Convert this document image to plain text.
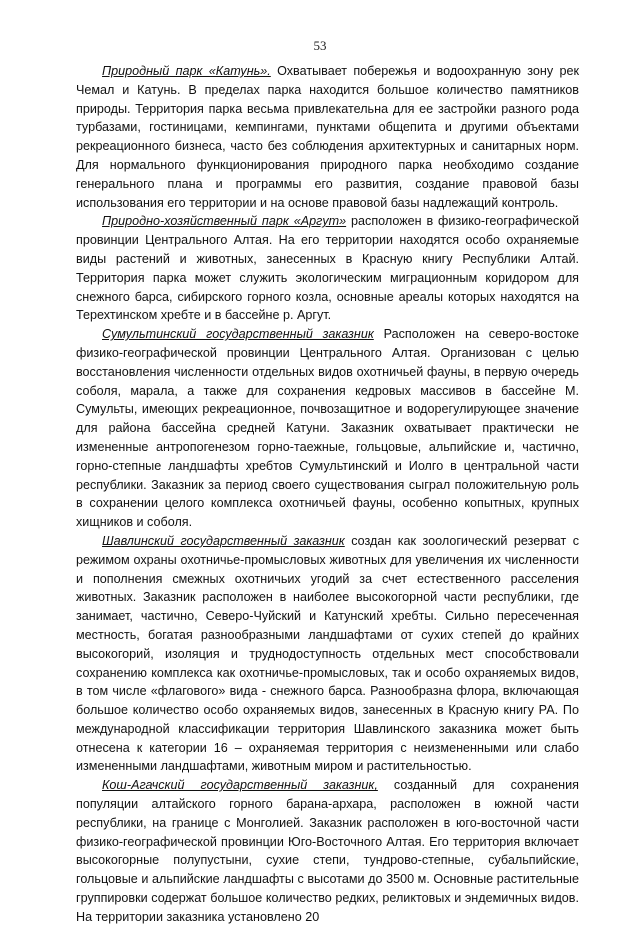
53

Природный парк «Катунь». Охватывает побережья и водоохранную зону рек Чемал и Катунь. В пределах парка находится большое количество памятников природы. Территория парка весьма привлекательна для ее застройки разного рода турбазами, гостиницами, кемпингами, пунктами общепита и другими объектами рекреационного бизнеса, часто без соблюдения архитектурных и санитарных норм. Для нормального функционирования природного парка необходимо создание генерального плана и программы его развития, создание правовой базы использования его территории и на основе правовой базы надлежащий контроль.

Природно-хозяйственный парк «Аргут» расположен в физико-географической провинции Центрального Алтая. На его территории находятся особо охраняемые виды растений и животных, занесенных в Красную книгу Республики Алтай. Территория парка может служить экологическим миграционным коридором для снежного барса, сибирского горного козла, основные ареалы которых находятся на Терехтинском хребте и в бассейне р. Аргут.

Сумультинский государственный заказник Расположен на северо-востоке физико-географической провинции Центрального Алтая. Организован с целью восстановления численности отдельных видов охотничьей фауны, в первую очередь соболя, марала, а также для сохранения кедровых массивов в бассейне М. Сумульты, имеющих рекреационное, почвозащитное и водорегулирующее значение для района бассейна средней Катуни. Заказник охватывает практически не измененные антропогенезом горно-таежные, гольцовые, альпийские и, частично, горно-степные ландшафты хребтов Сумультинский и Иолго в центральной части республики. Заказник за период своего существования сыграл положительную роль в сохранении целого комплекса охотничьей фауны, особенно копытных, крупных хищников и соболя.

Шавлинский государственный заказник создан как зоологический резерват с режимом охраны охотничье-промысловых животных для увеличения их численности и пополнения смежных охотничьих угодий за счет естественного расселения животных. Заказник расположен в наиболее высокогорной части республики, где занимает, частично, Северо-Чуйский и Катунский хребты. Сильно пересеченная местность, богатая разнообразными ландшафтами от сухих степей до крайних высокогорий, изоляция и труднодоступность отдельных мест способствовали сохранению комплекса как охотничье-промысловых, так и особо охраняемых видов, в том числе «флагового» вида - снежного барса. Разнообразна флора, включающая большое количество особо охраняемых видов, занесенных в Красную книгу РА. По международной классификации территория Шавлинского заказника может быть отнесена к категории 16 – охраняемая территория с неизмененными или слабо измененными ландшафтами, животным миром и растительностью.

Кош-Агачский государственный заказник, созданный для сохранения популяции алтайского горного барана-архара, расположен в южной части республики, на границе с Монголией. Заказник расположен в юго-восточной части физико-географической провинции Юго-Восточного Алтая. Его территория включает высокогорные полупустыни, сухие степи, тундрово-степные, субальпийские, гольцовые и альпийские ландшафты с высотами до 3500 м. Основные растительные группировки содержат большое количество редких, реликтовых и эндемичных видов. На территории заказника установлено 20
